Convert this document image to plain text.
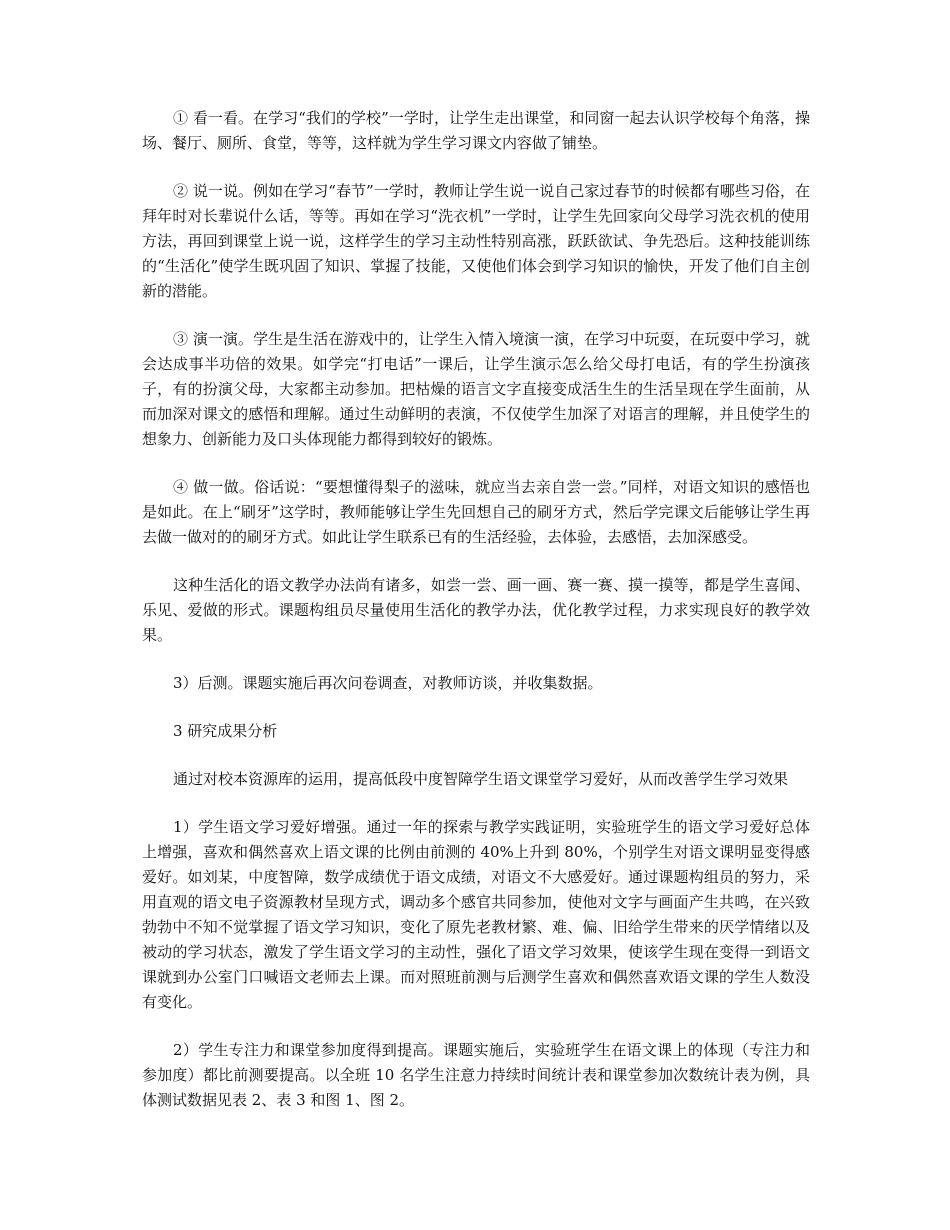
① 看一看。在学习“我们的学校”一学时，让学生走出课堂，和同窗一起去认识学校每个角落，操场、餐厅、厕所、食堂，等等，这样就为学生学习课文内容做了铺垫。

② 说一说。例如在学习“春节”一学时，教师让学生说一说自己家过春节的时候都有哪些习俗，在拜年时对长辈说什么话，等等。再如在学习“洗衣机”一学时，让学生先回家向父母学习洗衣机的使用方法，再回到课堂上说一说，这样学生的学习主动性特别高涨，跃跃欲试、争先恐后。这种技能训练的“生活化”使学生既巩固了知识、掌握了技能，又使他们体会到学习知识的愉快，开发了他们自主创新的潜能。

③ 演一演。学生是生活在游戏中的，让学生入情入境演一演，在学习中玩耍，在玩耍中学习，就会达成事半功倍的效果。如学完“打电话”一课后，让学生演示怎么给父母打电话，有的学生扮演孩子，有的扮演父母，大家都主动参加。把枯燥的语言文字直接变成活生生的生活呈现在学生面前，从而加深对课文的感悟和理解。通过生动鲜明的表演，不仅使学生加深了对语言的理解，并且使学生的想象力、创新能力及口头体现能力都得到较好的锻炼。

④ 做一做。俗话说：“要想懂得梨子的滋味，就应当去亲自尝一尝。”同样，对语文知识的感悟也是如此。在上“刷牙”这学时，教师能够让学生先回想自己的刷牙方式，然后学完课文后能够让学生再去做一做对的的刷牙方式。如此让学生联系已有的生活经验，去体验，去感悟，去加深感受。

这种生活化的语文教学办法尚有诸多，如尝一尝、画一画、赛一赛、摸一摸等，都是学生喜闻、乐见、爱做的形式。课题构组员尽量使用生活化的教学办法，优化教学过程，力求实现良好的教学效果。

3）后测。课题实施后再次问卷调查，对教师访谈，并收集数据。

3 研究成果分析

通过对校本资源库的运用，提高低段中度智障学生语文课堂学习爱好，从而改善学生学习效果

1）学生语文学习爱好增强。通过一年的探索与教学实践证明，实验班学生的语文学习爱好总体上增强，喜欢和偶然喜欢上语文课的比例由前测的 40%上升到 80%，个别学生对语文课明显变得感爱好。如刘某，中度智障，数学成绩优于语文成绩，对语文不大感爱好。通过课题构组员的努力，采用直观的语文电子资源教材呈现方式，调动多个感官共同参加，使他对文字与画面产生共鸣，在兴致勃勃中不知不觉掌握了语文学习知识，变化了原先老教材繁、难、偏、旧给学生带来的厌学情绪以及被动的学习状态，激发了学生语文学习的主动性，强化了语文学习效果，使该学生现在变得一到语文课就到办公室门口喊语文老师去上课。而对照班前测与后测学生喜欢和偶然喜欢语文课的学生人数没有变化。

2）学生专注力和课堂参加度得到提高。课题实施后，实验班学生在语文课上的体现（专注力和参加度）都比前测要提高。以全班 10 名学生注意力持续时间统计表和课堂参加次数统计表为例，具体测试数据见表 2、表 3 和图 1、图 2。
